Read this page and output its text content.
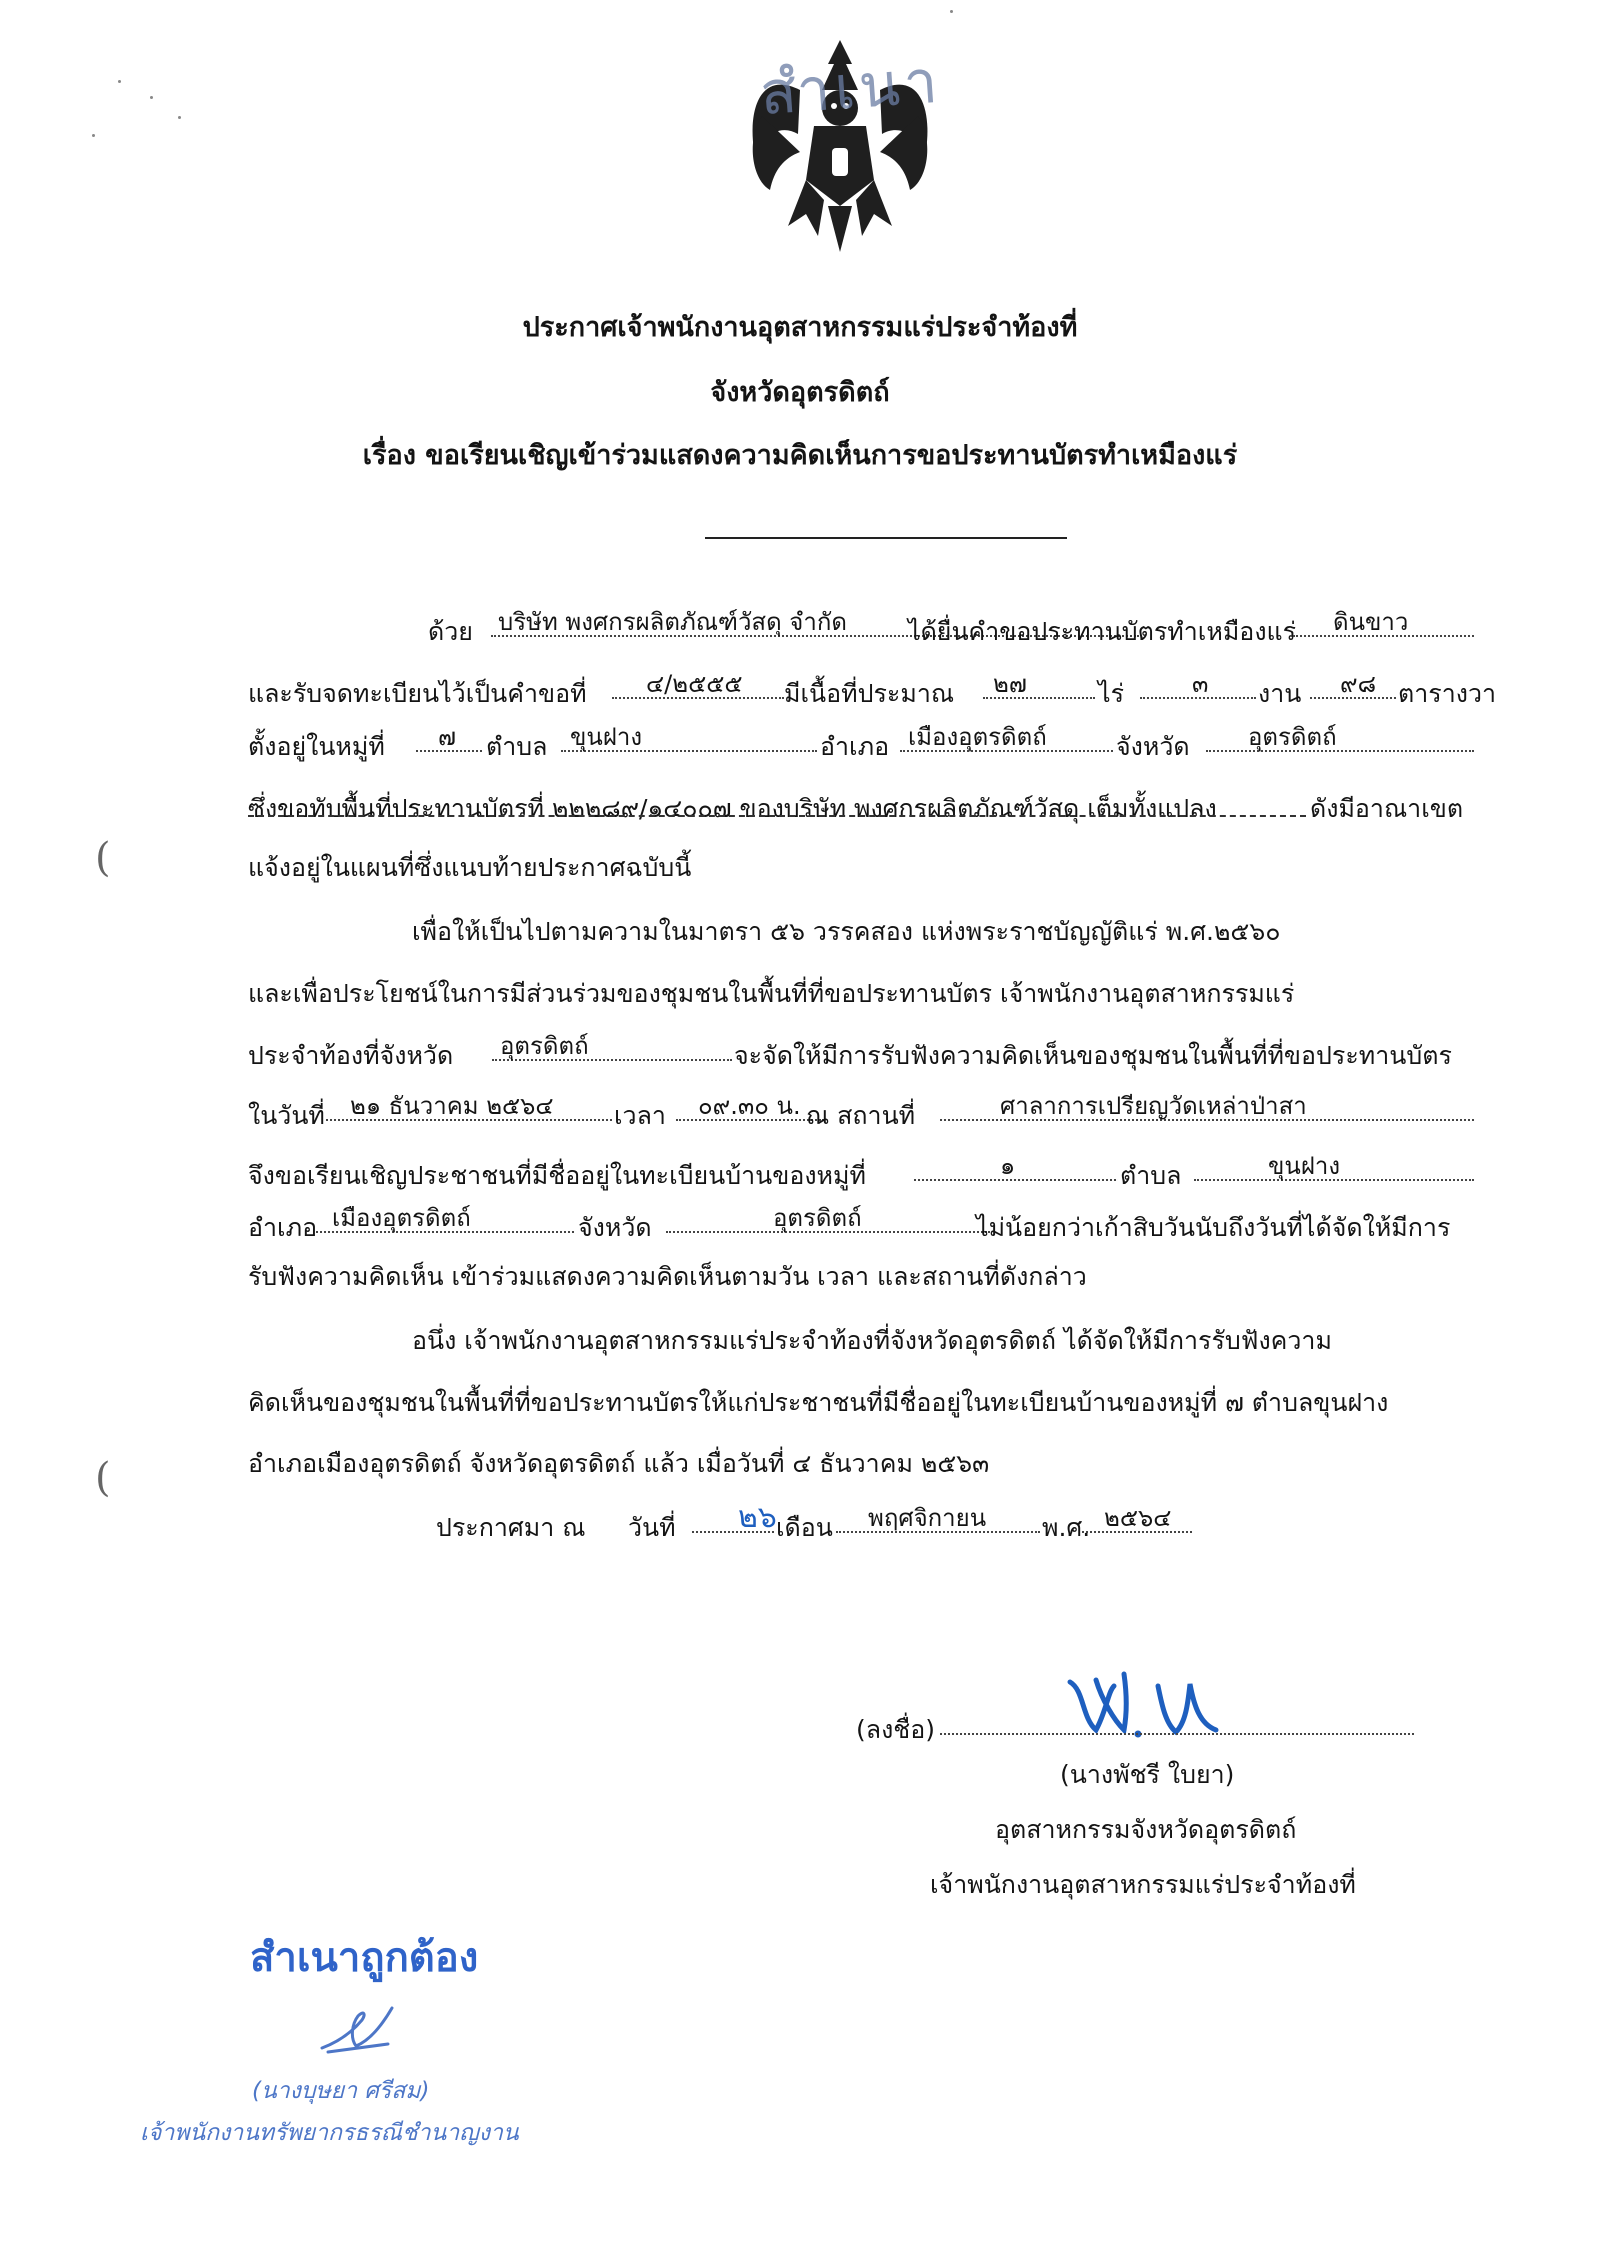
(
(
สำเนา
ประกาศเจ้าพนักงานอุตสาหกรรมแร่ประจำท้องที่
จังหวัดอุตรดิตถ์
เรื่อง ขอเรียนเชิญเข้าร่วมแสดงความคิดเห็นการขอประทานบัตรทำเหมืองแร่
ด้วย บริษัท พงศกรผลิตภัณฑ์วัสดุ จำกัด ได้ยื่นคำขอประทานบัตรทำเหมืองแร่ ดินขาว
และรับจดทะเบียนไว้เป็นคำขอที่ ๔/๒๕๕๕ มีเนื้อที่ประมาณ ๒๗	ไร่	๓ งาน ๙๘ ตารางวา
ตั้งอยู่ในหมู่ที่ ๗ ตำบล ขุนฝาง	อำเภอ เมืองอุตรดิตถ์	จังหวัด อุตรดิตถ์
ซึ่งขอทับพื้นที่ประทานบัตรที่ ๒๒๒๘๙/๑๔๐๐๗ ของบริษัท พงศกรผลิตภัณฑ์วัสดุ เต็มทั้งแปลง	ดังมีอาณาเขต
แจ้งอยู่ในแผนที่ซึ่งแนบท้ายประกาศฉบับนี้
เพื่อให้เป็นไปตามความในมาตรา ๕๖ วรรคสอง แห่งพระราชบัญญัติแร่ พ.ศ.๒๕๖๐
และเพื่อประโยชน์ในการมีส่วนร่วมของชุมชนในพื้นที่ที่ขอประทานบัตร เจ้าพนักงานอุตสาหกรรมแร่
ประจำท้องที่จังหวัด อุตรดิตถ์	จะจัดให้มีการรับฟังความคิดเห็นของชุมชนในพื้นที่ที่ขอประทานบัตร
ในวันที่ ๒๑ ธันวาคม ๒๕๖๔ เวลา ๐๙.๓๐ น. ณ สถานที่	ศาลาการเปรียญวัดเหล่าป่าสา
จึงขอเรียนเชิญประชาชนที่มีชื่ออยู่ในทะเบียนบ้านของหมู่ที่	๑	ตำบล	ขุนฝาง
อำเภอ เมืองอุตรดิตถ์	จังหวัด	อุตรดิตถ์	ไม่น้อยกว่าเก้าสิบวันนับถึงวันที่ได้จัดให้มีการ
รับฟังความคิดเห็น เข้าร่วมแสดงความคิดเห็นตามวัน เวลา และสถานที่ดังกล่าว
อนึ่ง เจ้าพนักงานอุตสาหกรรมแร่ประจำท้องที่จังหวัดอุตรดิตถ์ ได้จัดให้มีการรับฟังความ
คิดเห็นของชุมชนในพื้นที่ที่ขอประทานบัตรให้แก่ประชาชนที่มีชื่ออยู่ในทะเบียนบ้านของหมู่ที่ ๗ ตำบลขุนฝาง
อำเภอเมืองอุตรดิตถ์ จังหวัดอุตรดิตถ์ แล้ว เมื่อวันที่ ๔ ธันวาคม ๒๕๖๓
ประกาศมา ณ วันที่ ๒๖ เดือน พฤศจิกายน พ.ศ. ๒๕๖๔
(ลงชื่อ)
(นางพัชรี ใบยา)
อุตสาหกรรมจังหวัดอุตรดิตถ์
เจ้าพนักงานอุตสาหกรรมแร่ประจำท้องที่
สำเนาถูกต้อง
(นางบุษยา ศรีสม)
เจ้าพนักงานทรัพยากรธรณีชำนาญงาน
